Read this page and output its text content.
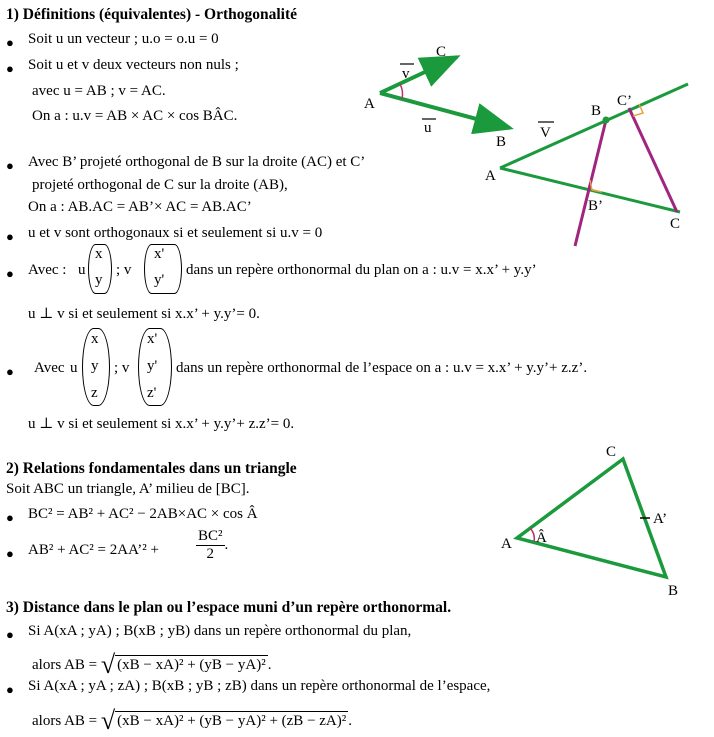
1) Définitions (équivalentes) - Orthogonalité
● Soit u un vecteur ; u.o = o.u = 0
● Soit u et v deux vecteurs non nuls ;
avec u = AB ; v = AC.
On a : u.v = AB × AC × cos BÂC.
● Avec B’ projeté orthogonal de B sur la droite (AC) et C’
projeté orthogonal de C sur la droite (AB),
On a : AB.AC = AB’× AC = AB.AC’
● u et v sont orthogonaux si et seulement si u.v = 0
● Avec : u
x
y
; v
x'
y'
dans un repère orthonormal du plan on a : u.v = x.x’ + y.y’
u ⊥ v si et seulement si x.x’ + y.y’= 0.
● Avec u
x
y
z
; v
x'
y'
z'
dans un repère orthonormal de l’espace on a : u.v = x.x’ + y.y’+ z.z’.
u ⊥ v si et seulement si x.x’ + y.y’+ z.z’= 0.
2) Relations fondamentales dans un triangle
Soit ABC un triangle, A’ milieu de [BC].
● BC² = AB² + AC² − 2AB×AC × cos Â
● AB² + AC² = 2AA’² + $\frac{\text{BC²}}{2}$ .
3) Distance dans le plan ou l’espace muni d’un repère orthonormal.
● Si A(xA ; yA) ; B(xB ; yB) dans un repère orthonormal du plan,
alors AB = √ (xB − xA)² + (yB − yA)² .
● Si A(xA ; yA ; zA) ; B(xB ; yB ; zB) dans un repère orthonormal de l’espace,
alors AB = √ (xB − xA)² + (yB − yA)² + (zB − zA)² .
A
B
C
v
u
A
B
C
B’
C’
V
A
B
C
A’
Â
